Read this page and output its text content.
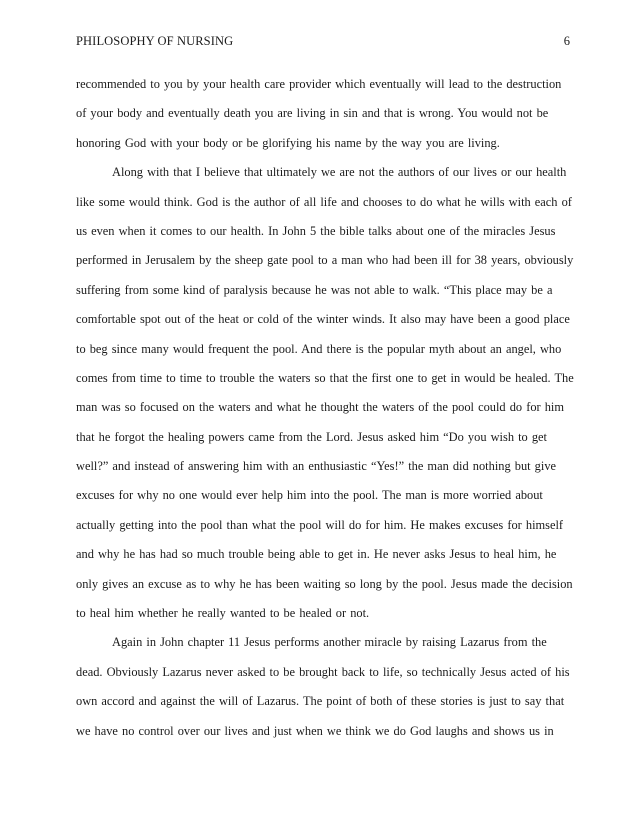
PHILOSOPHY OF NURSING	6
recommended to you by your health care provider which eventually will lead to the destruction
of your body and eventually death you are living in sin and that is wrong. You would not be
honoring God with your body or be glorifying his name by the way you are living.
Along with that I believe that ultimately we are not the authors of our lives or our health
like some would think. God is the author of all life and chooses to do what he wills with each of
us even when it comes to our health. In John 5 the bible talks about one of the miracles Jesus
performed in Jerusalem by the sheep gate pool to a man who had been ill for 38 years, obviously
suffering from some kind of paralysis because he was not able to walk. “This place may be a
comfortable spot out of the heat or cold of the winter winds. It also may have been a good place
to beg since many would frequent the pool. And there is the popular myth about an angel, who
comes from time to time to trouble the waters so that the first one to get in would be healed. The
man was so focused on the waters and what he thought the waters of the pool could do for him
that he forgot the healing powers came from the Lord. Jesus asked him “Do you wish to get
well?” and instead of answering him with an enthusiastic “Yes!” the man did nothing but give
excuses for why no one would ever help him into the pool. The man is more worried about
actually getting into the pool than what the pool will do for him. He makes excuses for himself
and why he has had so much trouble being able to get in. He never asks Jesus to heal him, he
only gives an excuse as to why he has been waiting so long by the pool. Jesus made the decision
to heal him whether he really wanted to be healed or not.
Again in John chapter 11 Jesus performs another miracle by raising Lazarus from the
dead. Obviously Lazarus never asked to be brought back to life, so technically Jesus acted of his
own accord and against the will of Lazarus. The point of both of these stories is just to say that
we have no control over our lives and just when we think we do God laughs and shows us in
